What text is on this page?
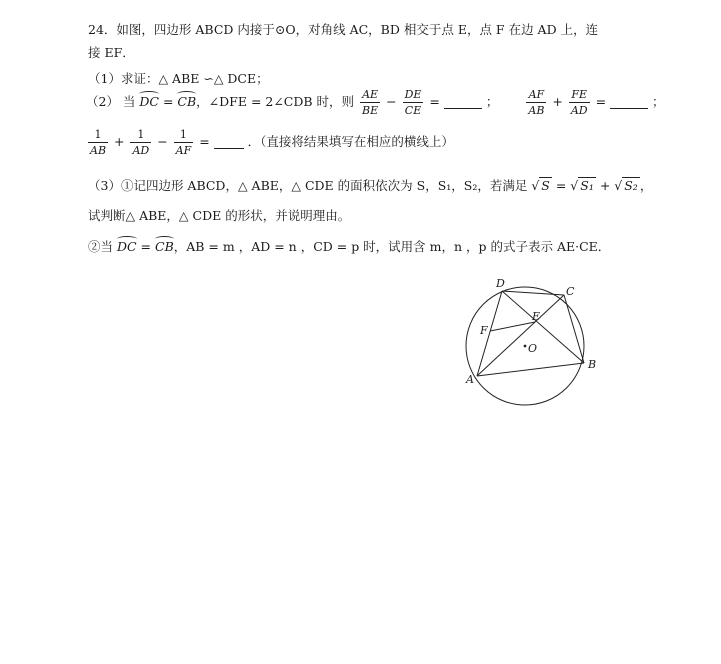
24．如图，四边形 ABCD 内接于⊙O，对角线 AC，BD 相交于点 E，点 F 在边 AD 上，连
接 EF．
（1）求证：△ ABE ∽△ DCE；
（2） 当 DC = CB，∠DFE = 2∠CDB 时，则 $\frac{AE}{BE} - \frac{DE}{CE}$ =	；	$\frac{AF}{AB} + \frac{FE}{AD}$ =	；
$\frac{1}{AB} + \frac{1}{AD} - \frac{1}{AF}$ =	．（直接将结果填写在相应的横线上）
（3）①记四边形 ABCD，△ ABE，△ CDE 的面积依次为 S，S₁，S₂，若满足 √ S = √ S₁ + √ S₂ ，
试判断△ ABE，△ CDE 的形状，并说明理由。
②当 DC = CB，AB = m ，AD = n ，CD = p 时，试用含 m，n ，p 的式子表示 AE·CE．
A
D
C
B
E
F
O
